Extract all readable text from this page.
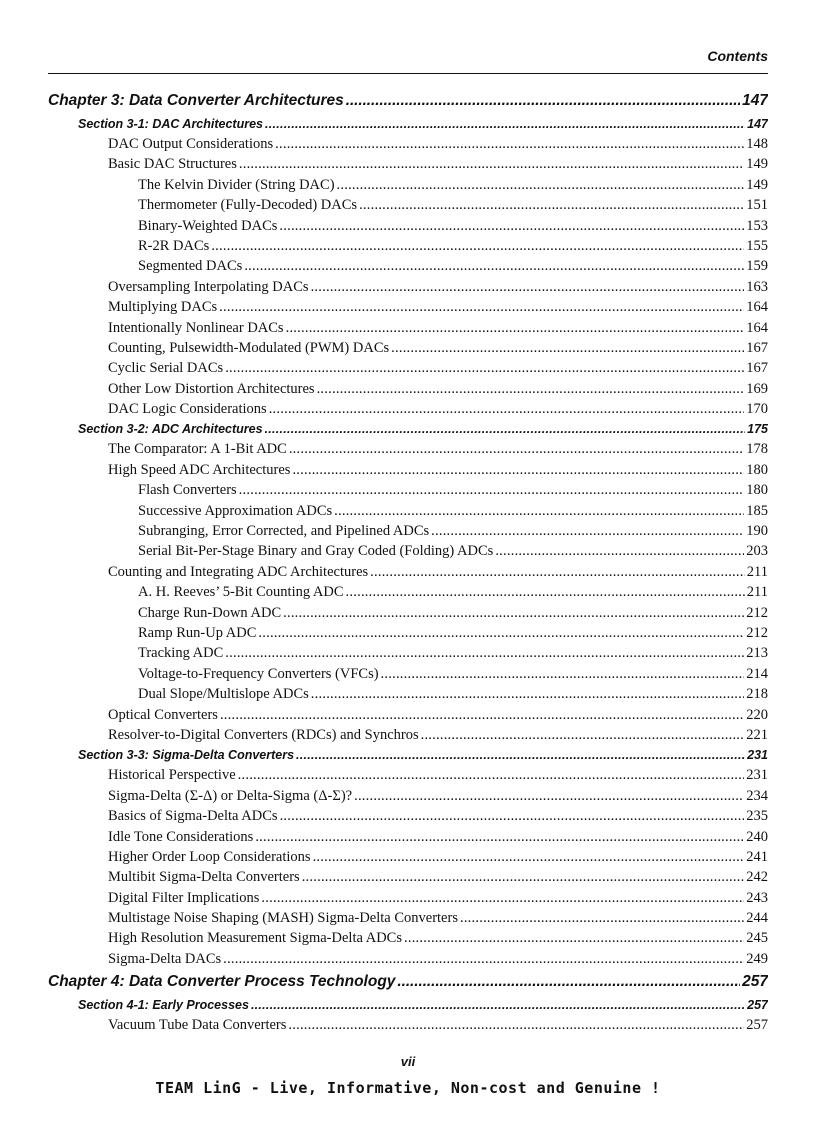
Contents
Chapter 3: Data Converter Architectures . . .	147
Section 3-1: DAC Architectures . . .	147
DAC Output Considerations . . .	148
Basic DAC Structures . . .	149
The Kelvin Divider (String DAC) . . .	149
Thermometer (Fully-Decoded) DACs . . .	151
Binary-Weighted DACs . . .	153
R-2R DACs . . .	155
Segmented DACs . . .	159
Oversampling Interpolating DACs . . .	163
Multiplying DACs . . .	164
Intentionally Nonlinear DACs . . .	164
Counting, Pulsewidth-Modulated (PWM) DACs . . .	167
Cyclic Serial DACs . . .	167
Other Low Distortion Architectures . . .	169
DAC Logic Considerations . . .	170
Section 3-2: ADC Architectures . . .	175
The Comparator: A 1-Bit ADC . . .	178
High Speed ADC Architectures . . .	180
Flash Converters . . .	180
Successive Approximation ADCs . . .	185
Subranging, Error Corrected, and Pipelined ADCs . . .	190
Serial Bit-Per-Stage Binary and Gray Coded (Folding) ADCs . . .	203
Counting and Integrating ADC Architectures . . .	211
A. H. Reeves’ 5-Bit Counting ADC . . .	211
Charge Run-Down ADC . . .	212
Ramp Run-Up ADC . . .	212
Tracking ADC . . .	213
Voltage-to-Frequency Converters (VFCs) . . .	214
Dual Slope/Multislope ADCs . . .	218
Optical Converters . . .	220
Resolver-to-Digital Converters (RDCs) and Synchros . . .	221
Section 3-3: Sigma-Delta Converters . . .	231
Historical Perspective . . .	231
Sigma-Delta (Σ-Δ) or Delta-Sigma (Δ-Σ)? . . .	234
Basics of Sigma-Delta ADCs . . .	235
Idle Tone Considerations . . .	240
Higher Order Loop Considerations . . .	241
Multibit Sigma-Delta Converters . . .	242
Digital Filter Implications . . .	243
Multistage Noise Shaping (MASH) Sigma-Delta Converters . . .	244
High Resolution Measurement Sigma-Delta ADCs . . .	245
Sigma-Delta DACs . . .	249
Chapter 4: Data Converter Process Technology . . .	257
Section 4-1: Early Processes . . .	257
Vacuum Tube Data Converters . . .	257
vii
TEAM LinG - Live, Informative, Non-cost and Genuine !
